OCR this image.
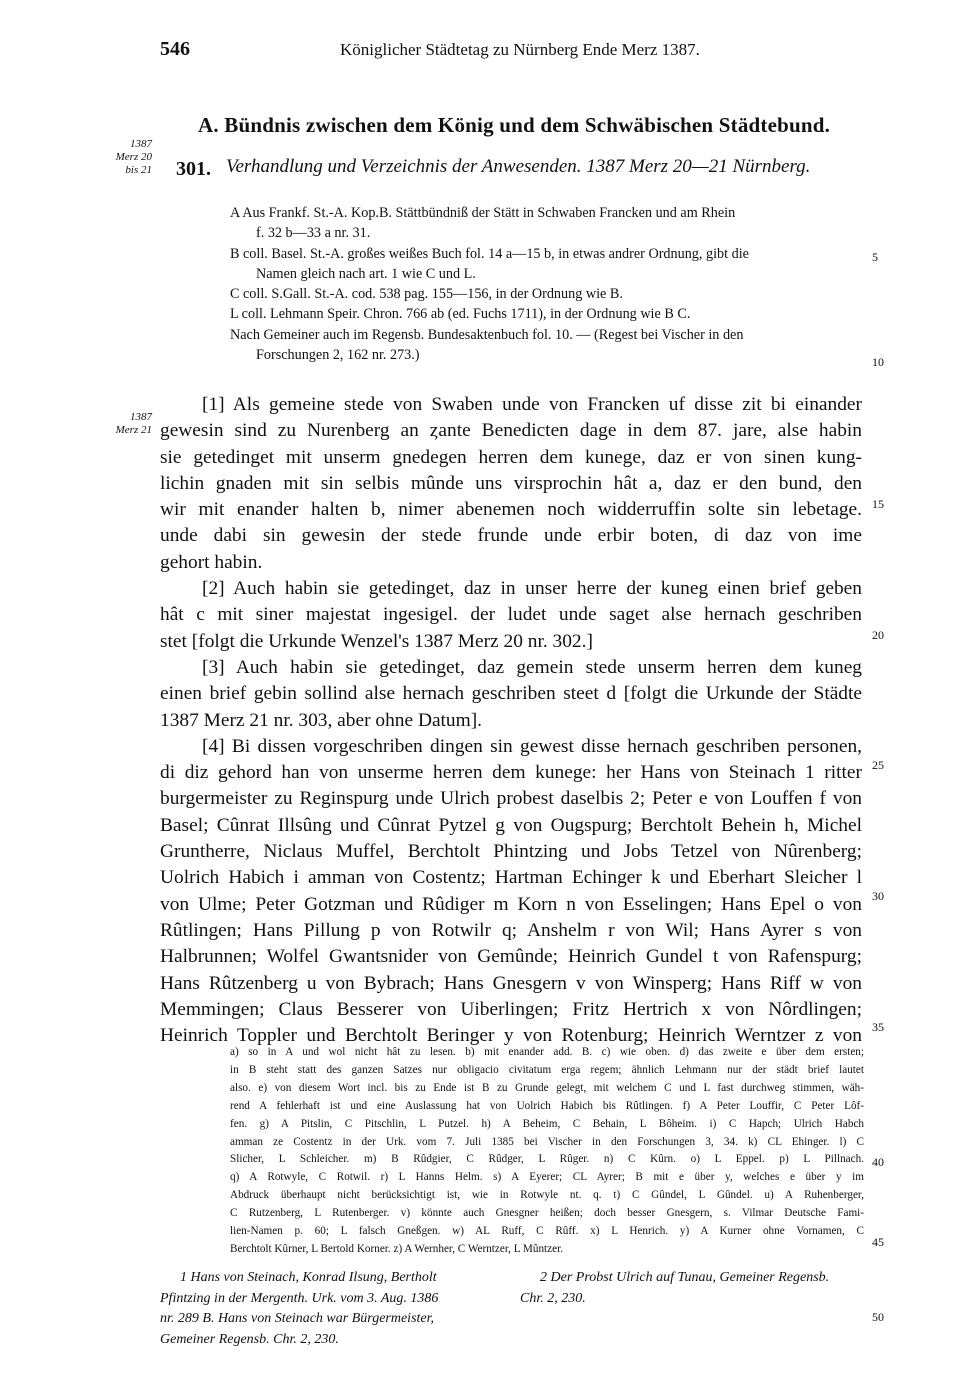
546	Königlicher Städtetag zu Nürnberg Ende Merz 1387.
A. Bündnis zwischen dem König und dem Schwäbischen Städtebund.
1387
Merz 20
bis 21 301. Verhandlung und Verzeichnis der Anwesenden. 1387 Merz 20—21 Nürnberg.
A Aus Frankf. St.-A. Kop.B. Stättbündniß der Stätt in Schwaben Francken und am Rhein
f. 32 b—33 a nr. 31.
B coll. Basel. St.-A. großes weißes Buch fol. 14 a—15 b, in etwas andrer Ordnung, gibt die
Namen gleich nach art. 1 wie C und L.
C coll. S.Gall. St.-A. cod. 538 pag. 155—156, in der Ordnung wie B.
L coll. Lehmann Speir. Chron. 766 ab (ed. Fuchs 1711), in der Ordnung wie B C.
Nach Gemeiner auch im Regensb. Bundesaktenbuch fol. 10. — (Regest bei Vischer in den
Forschungen 2, 162 nr. 273.)
5
10
15
20
25
30
35
40
45
50
1387
Merz 21
[1] Als gemeine stede von Swaben unde von Francken uf disse zit bi einander
gewesin sind zu Nurenberg an ȥante Benedicten dage in dem 87. jare, alse habin
sie getedinget mit unserm gnedegen herren dem kunege, daz er von sinen kung-
lichin gnaden mit sin selbis mûnde uns virsprochin hât a, daz er den bund, den
wir mit enander halten b, nimer abenemen noch widderruffin solte sin lebetage.
unde dabi sin gewesin der stede frunde unde erbir boten, di daz von ime
gehort habin.
[2] Auch habin sie getedinget, daz in unser herre der kuneg einen brief geben
hât c mit siner majestat ingesigel. der ludet unde saget alse hernach geschriben
stet [folgt die Urkunde Wenzel's 1387 Merz 20 nr. 302.]
[3] Auch habin sie getedinget, daz gemein stede unserm herren dem kuneg
einen brief gebin sollind alse hernach geschriben steet d [folgt die Urkunde der Städte
1387 Merz 21 nr. 303, aber ohne Datum].
[4] Bi dissen vorgeschriben dingen sin gewest disse hernach geschriben personen,
di diz gehord han von unserme herren dem kunege: her Hans von Steinach 1 ritter
burgermeister zu Reginspurg unde Ulrich probest daselbis 2; Peter e von Louffen f von
Basel; Cûnrat Illsûng und Cûnrat Pytzel g von Ougspurg; Berchtolt Behein h, Michel
Gruntherre, Niclaus Muffel, Berchtolt Phintzing und Jobs Tetzel von Nûrenberg;
Uolrich Habich i amman von Costentz; Hartman Echinger k und Eberhart Sleicher l
von Ulme; Peter Gotzman und Rûdiger m Korn n von Esselingen; Hans Epel o von
Rûtlingen; Hans Pillung p von Rotwilr q; Anshelm r von Wil; Hans Ayrer s von
Halbrunnen; Wolfel Gwantsnider von Gemûnde; Heinrich Gundel t von Rafenspurg;
Hans Rûtzenberg u von Bybrach; Hans Gnesgern v von Winsperg; Hans Riff w von
Memmingen; Claus Besserer von Uiberlingen; Fritz Hertrich x von Nôrdlingen;
Heinrich Toppler und Berchtolt Beringer y von Rotenburg; Heinrich Werntzer z von
a) so in A und wol nicht hât zu lesen. b) mit enander add. B. c) wie oben. d) das zweite e über dem ersten;
in B steht statt des ganzen Satzes nur obligacio civitatum erga regem; ähnlich Lehmann nur der städt brief lautet
also. e) von diesem Wort incl. bis zu Ende ist B zu Grunde gelegt, mit welchem C und L fast durchweg stimmen, wäh-
rend A fehlerhaft ist und eine Auslassung hat von Uolrich Habich bis Rûtlingen. f) A Peter Louffir, C Peter Lôf-
fen. g) A Pitslin, C Pitschlin, L Putzel. h) A Beheim, C Behain, L Bôheim. i) C Hapch; Ulrich Habch
amman ze Costentz in der Urk. vom 7. Juli 1385 bei Vischer in den Forschungen 3, 34. k) CL Ehinger. l) C
Slicher, L Schleicher. m) B Rûdgier, C Rûdger, L Rûger. n) C Kûrn. o) L Eppel. p) L Pillnach.
q) A Rotwyle, C Rotwil. r) L Hanns Helm. s) A Eyerer; CL Ayrer; B mit e über y, welches e über y im
Abdruck überhaupt nicht berücksichtigt ist, wie in Rotwyle nt. q. t) C Gûndel, L Gûndel. u) A Ruhenberger,
C Rutzenberg, L Rutenberger. v) könnte auch Gnesgner heißen; doch besser Gnesgern, s. Vilmar Deutsche Fami-
lien-Namen p. 60; L falsch Gneßgen. w) AL Ruff, C Rûff. x) L Henrich. y) A Kurner ohne Vornamen, C
Berchtolt Kûrner, L Bertold Korner. z) A Wernher, C Werntzer, L Mûntzer.
1 Hans von Steinach, Konrad Ilsung, Bertholt
Pfintzing in der Mergenth. Urk. vom 3. Aug. 1386
nr. 289 B. Hans von Steinach war Bürgermeister,
Gemeiner Regensb. Chr. 2, 230.
2 Der Probst Ulrich auf Tunau, Gemeiner Regensb.
Chr. 2, 230.
